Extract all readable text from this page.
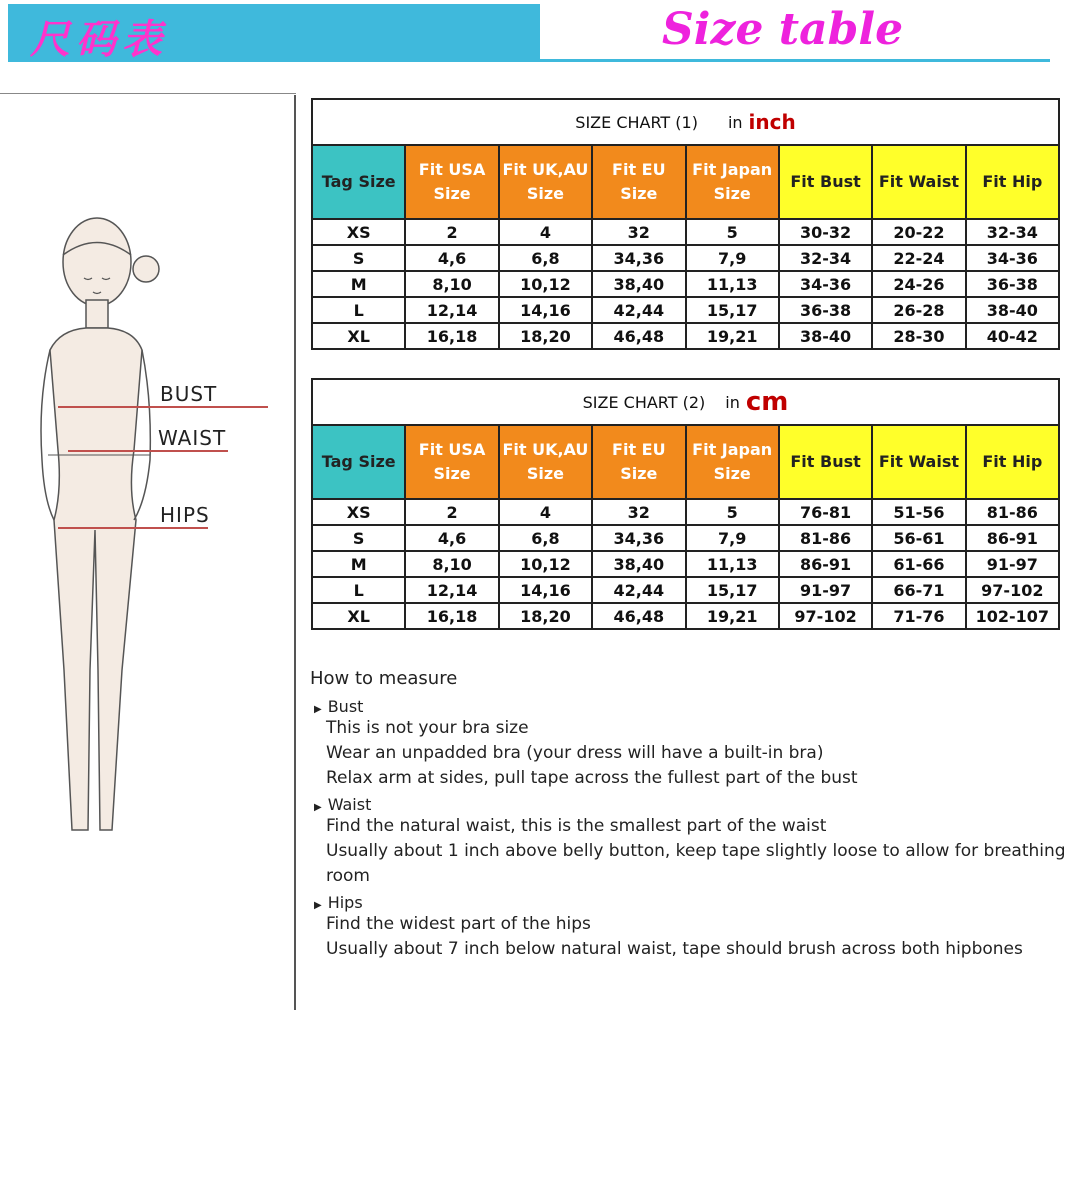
尺码表	Size table
BUST
WAIST
HIPS
SIZE CHART (1) in inch
Tag Size	Fit USA Size	Fit UK,AU Size	Fit EU Size	Fit Japan Size	Fit Bust	Fit Waist	Fit Hip
XS	2	4	32	5	30-32	20-22	32-34
S	4,6	6,8	34,36	7,9	32-34	22-24	34-36
M	8,10	10,12	38,40	11,13	34-36	24-26	36-38
L	12,14	14,16	42,44	15,17	36-38	26-28	38-40
XL	16,18	18,20	46,48	19,21	38-40	28-30	40-42
SIZE CHART (2) in cm
Tag Size	Fit USA Size	Fit UK,AU Size	Fit EU Size	Fit Japan Size	Fit Bust	Fit Waist	Fit Hip
XS	2	4	32	5	76-81	51-56	81-86
S	4,6	6,8	34,36	7,9	81-86	56-61	86-91
M	8,10	10,12	38,40	11,13	86-91	61-66	91-97
L	12,14	14,16	42,44	15,17	91-97	66-71	97-102
XL	16,18	18,20	46,48	19,21	97-102	71-76	102-107
How to measure
▶ Bust
This is not your bra size
Wear an unpadded bra (your dress will have a built-in bra)
Relax arm at sides, pull tape across the fullest part of the bust
▶ Waist
Find the natural waist, this is the smallest part of the waist
Usually about 1 inch above belly button, keep tape slightly loose to allow for breathing room
▶ Hips
Find the widest part of the hips
Usually about 7 inch below natural waist, tape should brush across both hipbones
